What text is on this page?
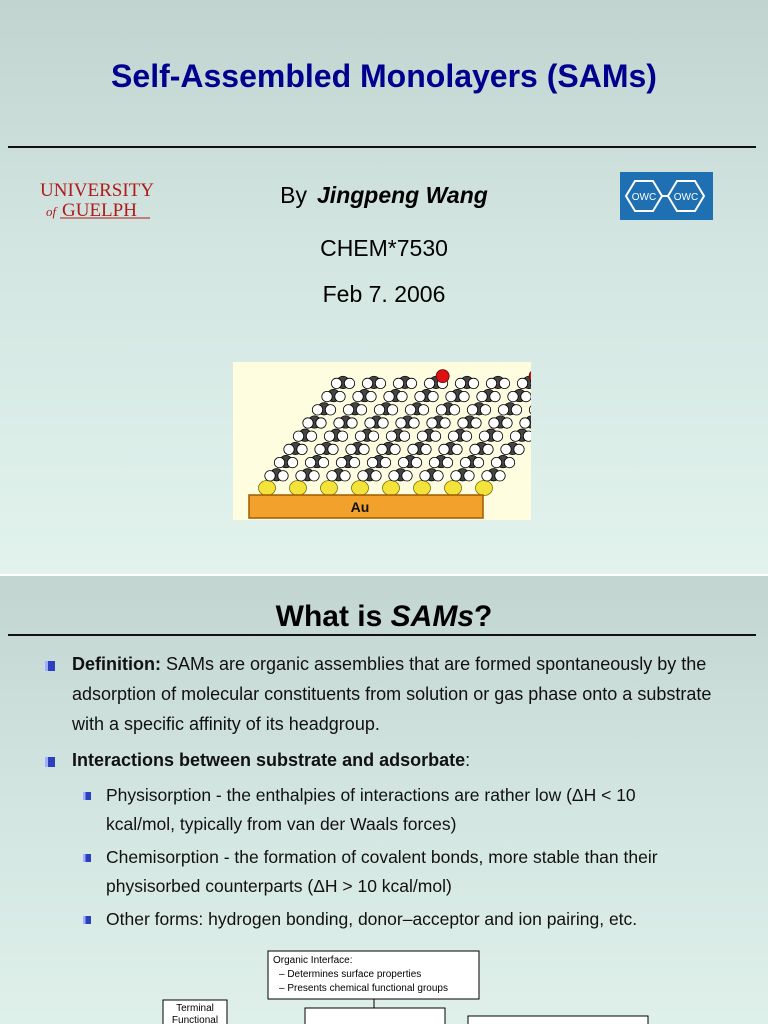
Self-Assembled Monolayers (SAMs)
UNIVERSITY
of GUELPH
By Jingpeng Wang
CHEM*7530
Feb 7. 2006
OWC OWC
Au
What is SAMs?
Definition: SAMs are organic assemblies that are formed spontaneously by the
adsorption of molecular constituents from solution or gas phase onto a substrate
with a specific affinity of its headgroup.
Interactions between substrate and adsorbate:
Physisorption - the enthalpies of interactions are rather low (ΔH < 10
kcal/mol, typically from van der Waals forces)
Chemisorption - the formation of covalent bonds, more stable than their
physisorbed counterparts (ΔH > 10 kcal/mol)
Other forms: hydrogen bonding, donor–acceptor and ion pairing, etc.
Organic Interface:
– Determines surface properties
– Presents chemical functional groups
Terminal
Functional
